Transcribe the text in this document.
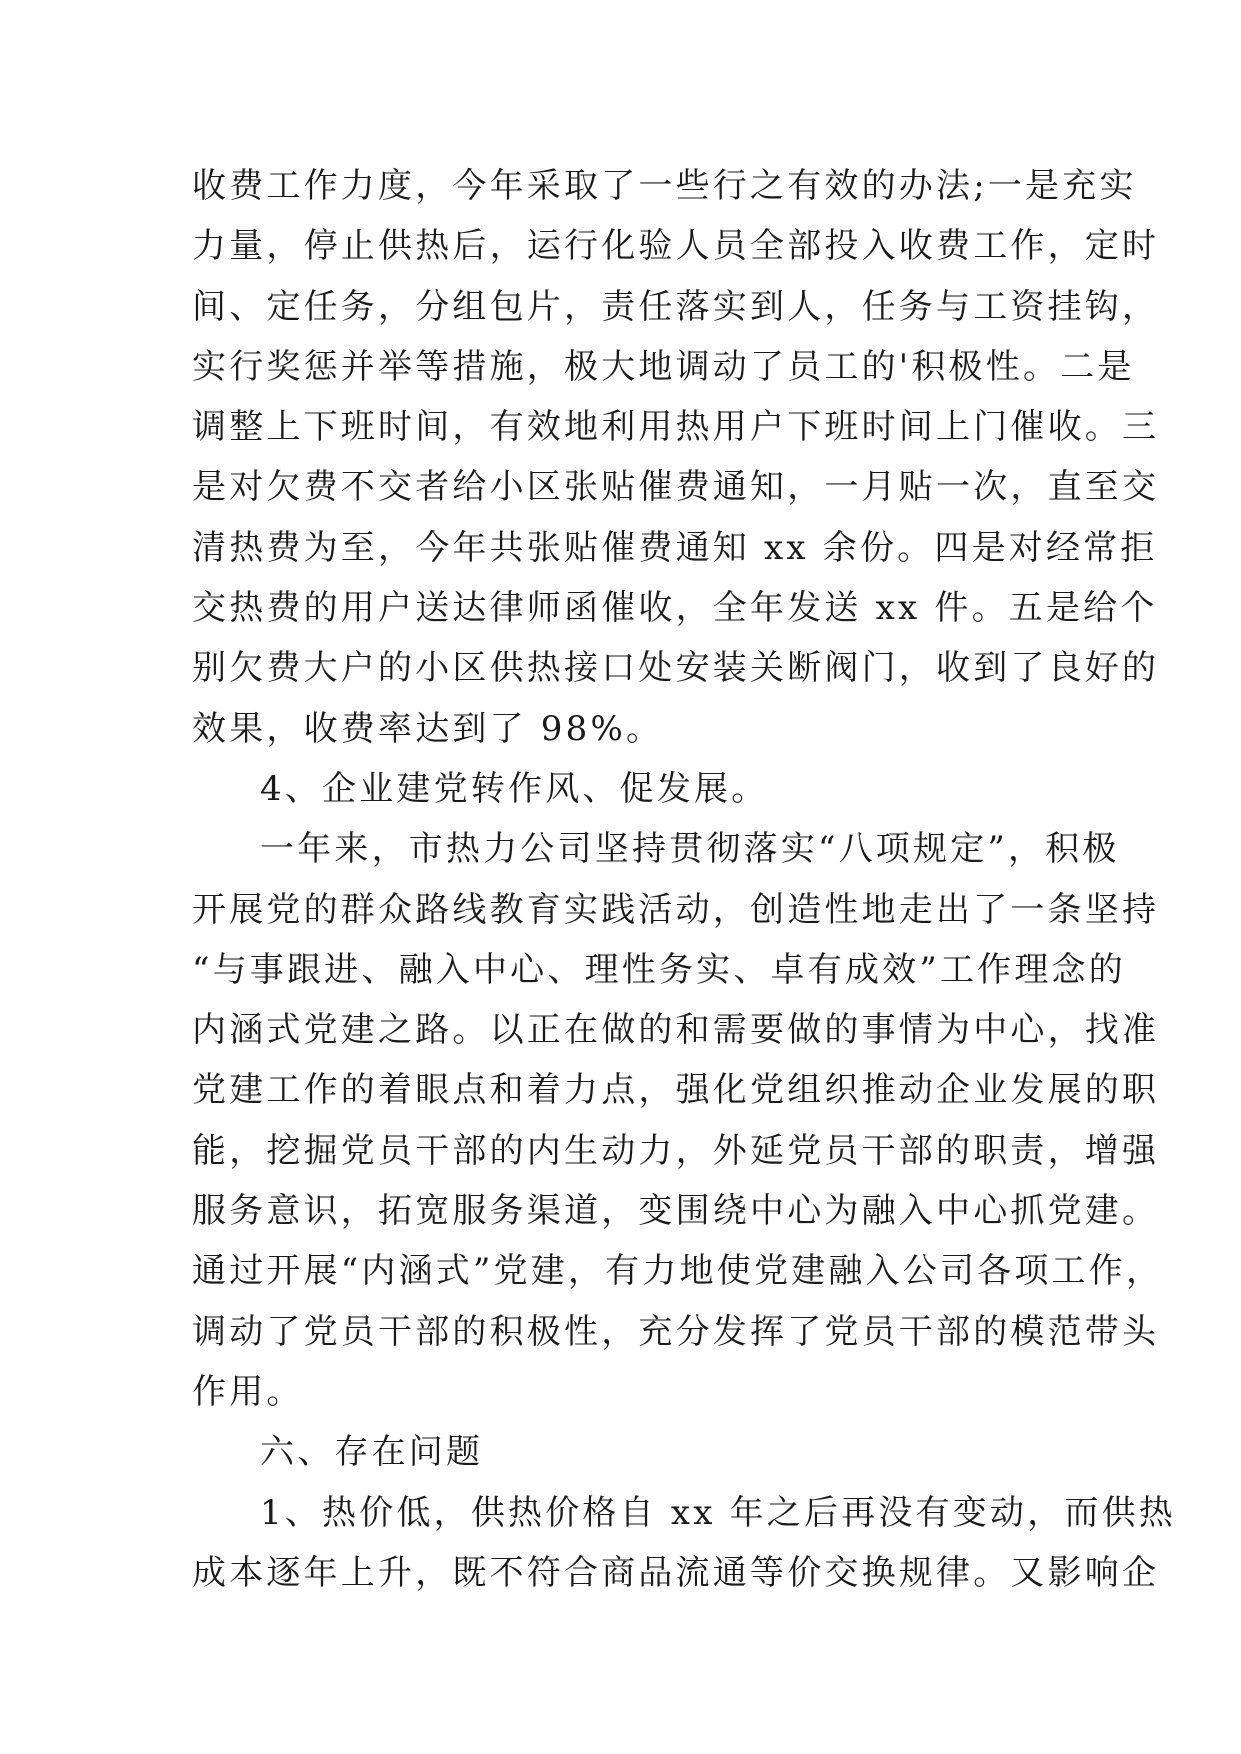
收费工作力度，今年采取了一些行之有效的办法;一是充实
力量，停止供热后，运行化验人员全部投入收费工作，定时
间、定任务，分组包片，责任落实到人，任务与工资挂钩，
实行奖惩并举等措施，极大地调动了员工的'积极性。二是
调整上下班时间，有效地利用热用户下班时间上门催收。三
是对欠费不交者给小区张贴催费通知，一月贴一次，直至交
清热费为至，今年共张贴催费通知 xx 余份。四是对经常拒
交热费的用户送达律师函催收，全年发送 xx 件。五是给个
别欠费大户的小区供热接口处安装关断阀门，收到了良好的
效果，收费率达到了 98%。

4、企业建党转作风、促发展。

一年来，市热力公司坚持贯彻落实“八项规定”，积极
开展党的群众路线教育实践活动，创造性地走出了一条坚持
“与事跟进、融入中心、理性务实、卓有成效”工作理念的
内涵式党建之路。以正在做的和需要做的事情为中心，找准
党建工作的着眼点和着力点，强化党组织推动企业发展的职
能，挖掘党员干部的内生动力，外延党员干部的职责，增强
服务意识，拓宽服务渠道，变围绕中心为融入中心抓党建。
通过开展“内涵式”党建，有力地使党建融入公司各项工作，
调动了党员干部的积极性，充分发挥了党员干部的模范带头
作用。

六、存在问题

1、热价低，供热价格自 xx 年之后再没有变动，而供热
成本逐年上升，既不符合商品流通等价交换规律。又影响企
